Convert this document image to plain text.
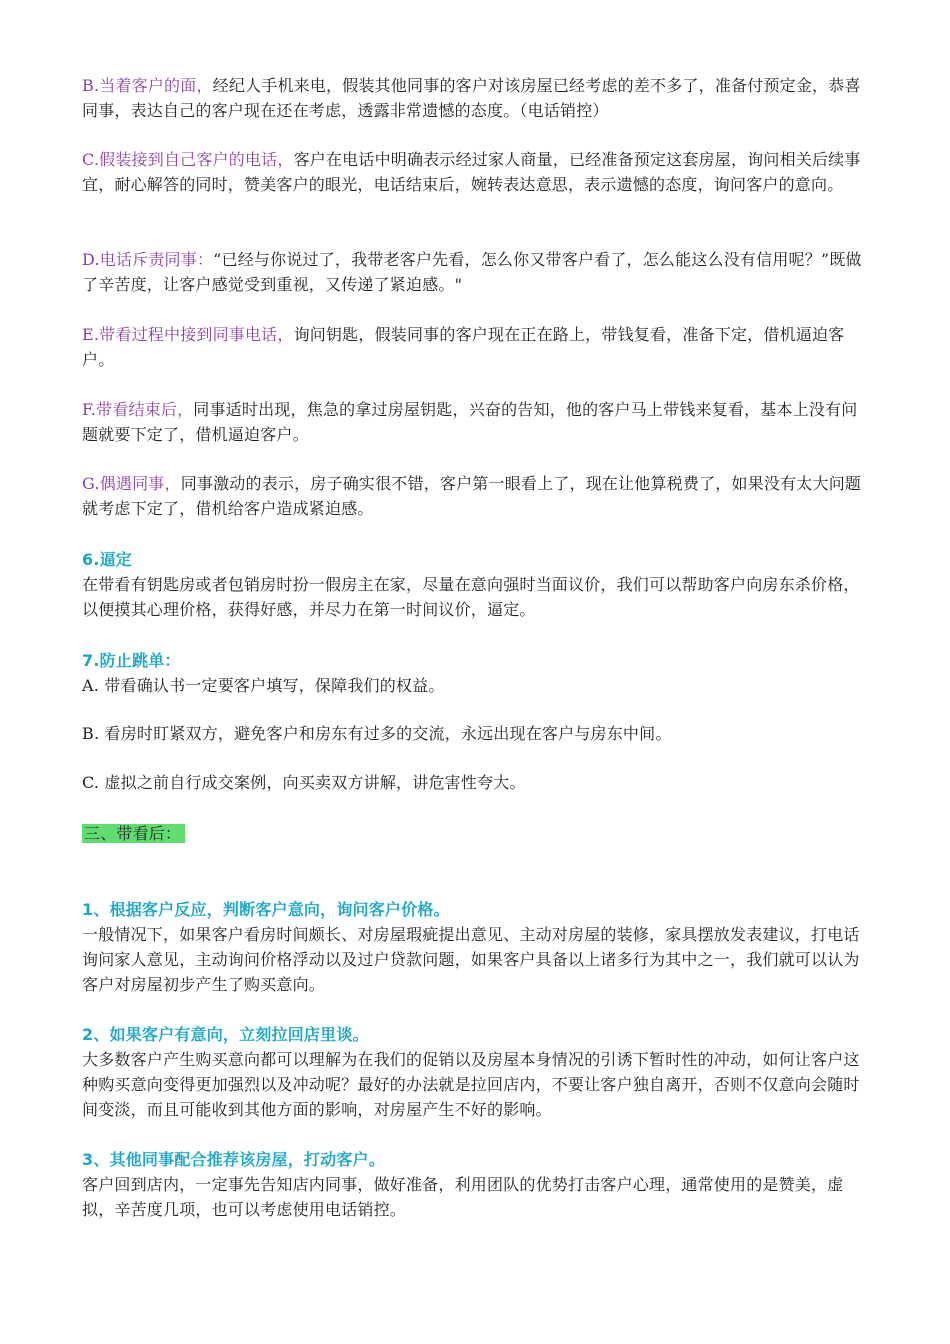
B.当着客户的面，经纪人手机来电，假装其他同事的客户对该房屋已经考虑的差不多了，准备付预定金，恭喜同事，表达自己的客户现在还在考虑，透露非常遗憾的态度。（电话销控）
C.假装接到自己客户的电话，客户在电话中明确表示经过家人商量，已经准备预定这套房屋，询问相关后续事宜，耐心解答的同时，赞美客户的眼光，电话结束后，婉转表达意思，表示遗憾的态度，询问客户的意向。
D.电话斥责同事：“已经与你说过了，我带老客户先看，怎么你又带客户看了，怎么能这么没有信用呢？”既做了辛苦度，让客户感觉受到重视，又传递了紧迫感。"
E.带看过程中接到同事电话，询问钥匙，假装同事的客户现在正在路上，带钱复看，准备下定，借机逼迫客户。
F.带看结束后，同事适时出现，焦急的拿过房屋钥匙，兴奋的告知，他的客户马上带钱来复看，基本上没有问题就要下定了，借机逼迫客户。
G.偶遇同事，同事激动的表示，房子确实很不错，客户第一眼看上了，现在让他算税费了，如果没有太大问题就考虑下定了，借机给客户造成紧迫感。
6.逼定
在带看有钥匙房或者包销房时扮一假房主在家，尽量在意向强时当面议价，我们可以帮助客户向房东杀价格，以便摸其心理价格，获得好感，并尽力在第一时间议价，逼定。
7.防止跳单：
A. 带看确认书一定要客户填写，保障我们的权益。
B. 看房时盯紧双方，避免客户和房东有过多的交流，永远出现在客户与房东中间。
C. 虚拟之前自行成交案例，向买卖双方讲解，讲危害性夸大。
三、带看后：
1、根据客户反应，判断客户意向，询问客户价格。
一般情况下，如果客户看房时间颇长、对房屋瑕疵提出意见、主动对房屋的装修，家具摆放发表建议，打电话询问家人意见，主动询问价格浮动以及过户贷款问题，如果客户具备以上诸多行为其中之一，我们就可以认为客户对房屋初步产生了购买意向。
2、如果客户有意向，立刻拉回店里谈。
大多数客户产生购买意向都可以理解为在我们的促销以及房屋本身情况的引诱下暂时性的冲动，如何让客户这种购买意向变得更加强烈以及冲动呢？最好的办法就是拉回店内，不要让客户独自离开，否则不仅意向会随时间变淡，而且可能收到其他方面的影响，对房屋产生不好的影响。
3、其他同事配合推荐该房屋，打动客户。
客户回到店内，一定事先告知店内同事，做好准备，利用团队的优势打击客户心理，通常使用的是赞美，虚拟，辛苦度几项，也可以考虑使用电话销控。
